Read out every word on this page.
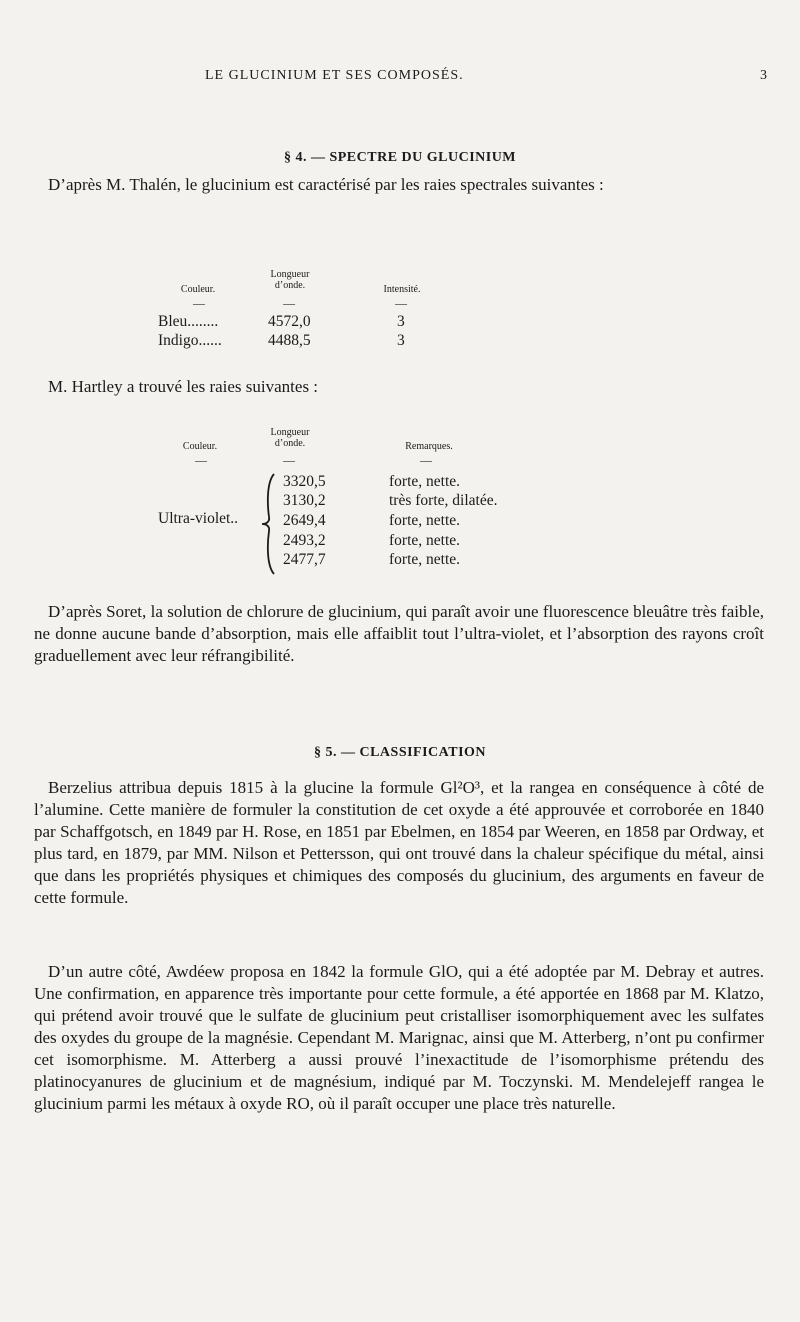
LE GLUCINIUM ET SES COMPOSÉS.	3
§ 4. — SPECTRE DU GLUCINIUM

D’après M. Thalén, le glucinium est caractérisé par les raies spectrales suivantes :

Couleur.
Longueur d’onde.	Intensité.
—	—	—
Bleu........	4572,0	3
Indigo......	4488,5	3

M. Hartley a trouvé les raies suivantes :

Couleur.
Longueur d’onde.	Remarques.
—	—	—
Ultra-violet..
3320,5	forte, nette.
3130,2	très forte, dilatée.
2649,4	forte, nette.
2493,2	forte, nette.
2477,7	forte, nette.

D’après Soret, la solution de chlorure de glucinium, qui paraît avoir une fluorescence bleuâtre très faible, ne donne aucune bande d’absorption, mais elle affaiblit tout l’ultra-violet, et l’absorption des rayons croît graduellement avec leur réfrangibilité.

§ 5. — CLASSIFICATION

Berzelius attribua depuis 1815 à la glucine la formule Gl²O³, et la rangea en conséquence à côté de l’alumine. Cette manière de formuler la constitution de cet oxyde a été approuvée et corroborée en 1840 par Schaffgotsch, en 1849 par H. Rose, en 1851 par Ebelmen, en 1854 par Weeren, en 1858 par Ordway, et plus tard, en 1879, par MM. Nilson et Pettersson, qui ont trouvé dans la chaleur spécifique du métal, ainsi que dans les propriétés physiques et chimiques des composés du glucinium, des arguments en faveur de cette formule.

D’un autre côté, Awdéew proposa en 1842 la formule GlO, qui a été adoptée par M. Debray et autres. Une confirmation, en apparence très importante pour cette formule, a été apportée en 1868 par M. Klatzo, qui prétend avoir trouvé que le sulfate de glucinium peut cristalliser isomorphiquement avec les sulfates des oxydes du groupe de la magnésie. Cependant M. Marignac, ainsi que M. Atterberg, n’ont pu confirmer cet isomorphisme. M. Atterberg a aussi prouvé l’inexactitude de l’isomorphisme prétendu des platinocyanures de glucinium et de magnésium, indiqué par M. Toczynski. M. Mendelejeff rangea le glucinium parmi les métaux à oxyde RO, où il paraît occuper une place très naturelle.
